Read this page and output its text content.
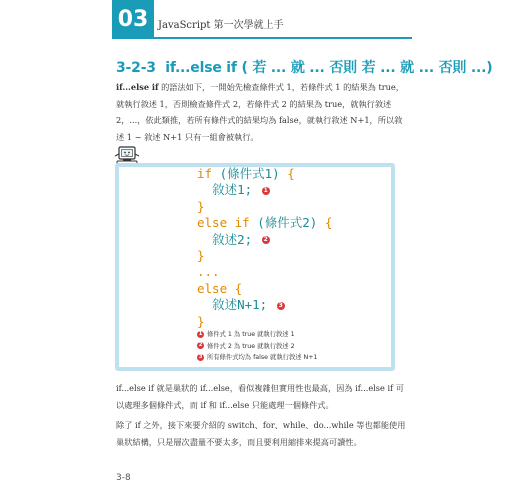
03 JavaScript 第一次學就上手
3-2-3 if...else if ( 若 ... 就 ... 否則 若 ... 就 ... 否則 ...)

if...else if 的語法如下，一開始先檢查條件式 1，若條件式 1 的結果為 true，就執行敘述 1，否則檢查條件式 2，若條件式 2 的結果為 true，就執行敘述 2，...，依此類推，若所有條件式的結果均為 false，就執行敘述 N+1，所以敘述 1 ~ 敘述 N+1 只有一組會被執行。

if (條件式1) {
敘述1; 1
}
else if (條件式2) {
敘述2; 2
}
...
else {
敘述N+1; 3
}
1 條件式 1 為 true 就執行敘述 1
2 條件式 2 為 true 就執行敘述 2
3 所有條件式均為 false 就執行敘述 N+1

if...else if 就是巢狀的 if...else，看似複雜但實用性也最高，因為 if...else if 可以處理多個條件式，而 if 和 if...else 只能處理一個條件式。

除了 if 之外，接下來要介紹的 switch、for、while、do...while 等也都能使用巢狀結構，只是層次盡量不要太多，而且要利用縮排來提高可讀性。

3-8
